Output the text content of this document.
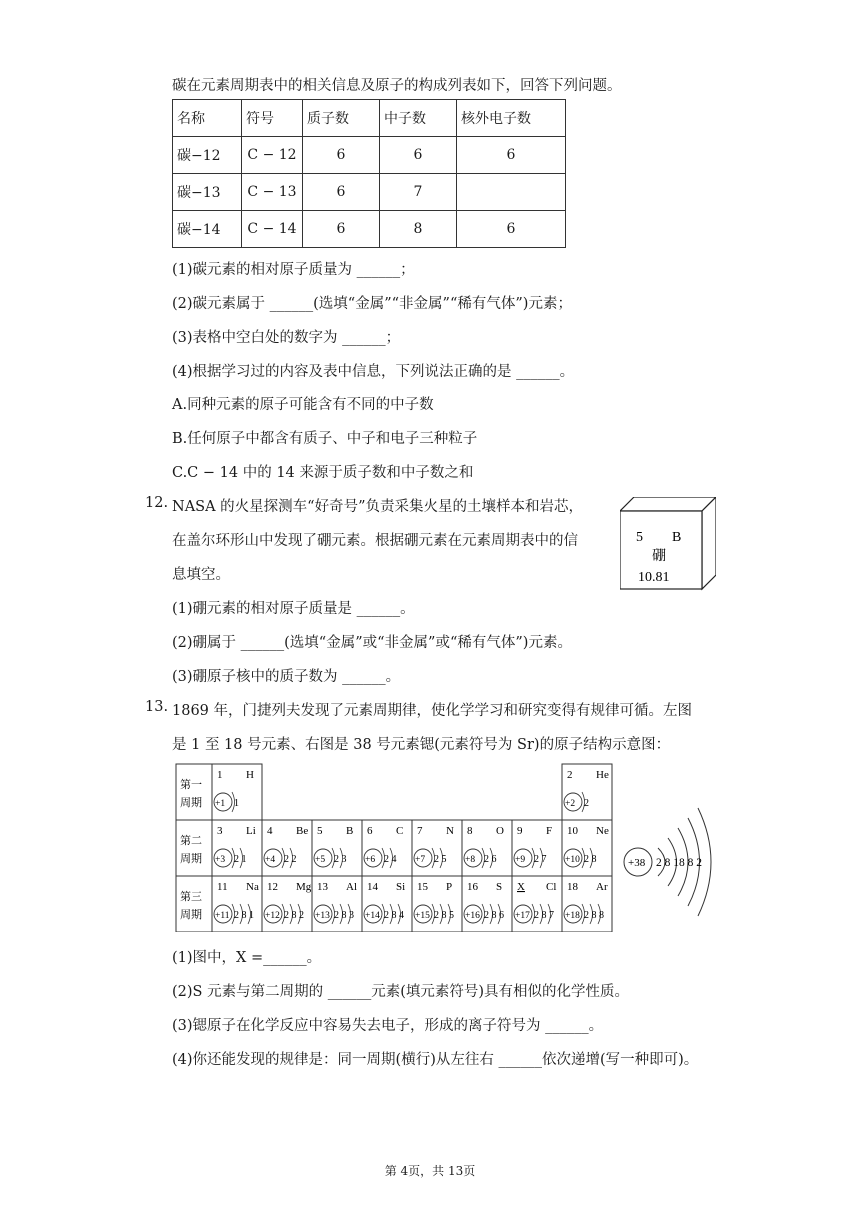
碳在元素周期表中的相关信息及原子的构成列表如下，回答下列问题。
名称	符号	质子数	中子数	核外电子数
碳−12	C − 12	6	6	6
碳−13	C − 13	6	7	
碳−14	C − 14	6	8	6
(1)碳元素的相对原子质量为 ______；
(2)碳元素属于 ______(选填“金属”“非金属”“稀有气体”)元素；
(3)表格中空白处的数字为 ______；
(4)根据学习过的内容及表中信息，下列说法正确的是 ______。
A.同种元素的原子可能含有不同的中子数
B.任何原子中都含有质子、中子和电子三种粒子
C.C − 14 中的 14 来源于质子数和中子数之和
12. NASA 的火星探测车“好奇号”负责采集火星的土壤样本和岩芯，
在盖尔环形山中发现了硼元素。根据硼元素在元素周期表中的信
息填空。
5 B
硼
10.81
(1)硼元素的相对原子质量是 ______。
(2)硼属于 ______(选填“金属”或“非金属”或“稀有气体”)元素。
(3)硼原子核中的质子数为 ______。
13. 1869 年，门捷列夫发现了元素周期律，使化学学习和研究变得有规律可循。左图
是 1 至 18 号元素、右图是 38 号元素锶(元素符号为 Sr)的原子结构示意图：
第一
周期
第二
周期
第三
周期
1 H
+1 1
2 He
+2 2
3 Li
+3 2 1
4 Be
+4 2 2
5 B
+5 2 3
6 C
+6 2 4
7 N
+7 2 5
8 O
+8 2 6
9 F
+9 2 7
10 Ne
+10 2 8
11 Na
+11 2 8 1
12 Mg
+12 2 8 2
13 Al
+13 2 8 3
14 Si
+14 2 8 4
15 P
+15 2 8 5
16 S
+16 2 8 6
X Cl
+17 2 8 7
18 Ar
+18 2 8 8
+38 2 8 18 8 2
(1)图中，X =______。
(2)S 元素与第二周期的 ______元素(填元素符号)具有相似的化学性质。
(3)锶原子在化学反应中容易失去电子，形成的离子符号为 ______。
(4)你还能发现的规律是：同一周期(横行)从左往右 ______依次递增(写一种即可)。
第 4页，共 13页
